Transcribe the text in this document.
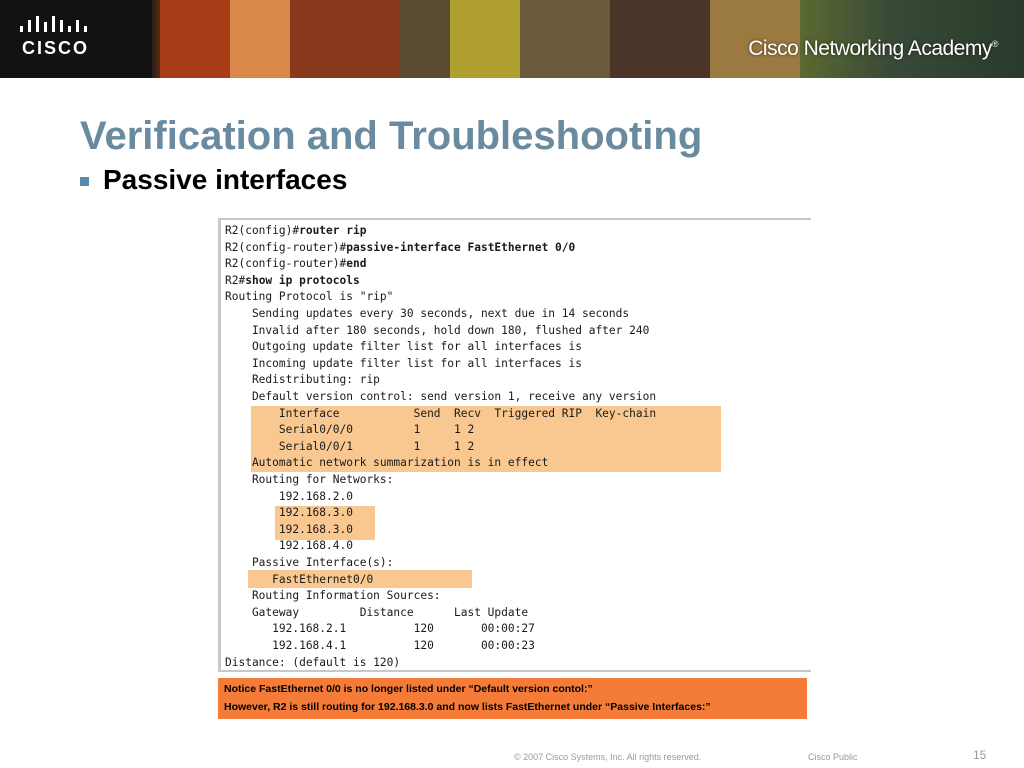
CISCO	Cisco Networking Academy®
Verification and Troubleshooting
Passive interfaces
R2(config)#router rip
R2(config-router)#passive-interface FastEthernet 0/0
R2(config-router)#end
R2#show ip protocols
Routing Protocol is "rip"
Sending updates every 30 seconds, next due in 14 seconds
Invalid after 180 seconds, hold down 180, flushed after 240
Outgoing update filter list for all interfaces is
Incoming update filter list for all interfaces is
Redistributing: rip
Default version control: send version 1, receive any version
Interface           Send  Recv  Triggered RIP  Key-chain
Serial0/0/0         1     1 2
Serial0/0/1         1     1 2
Automatic network summarization is in effect
Routing for Networks:
192.168.2.0
192.168.3.0
192.168.3.0
192.168.4.0
Passive Interface(s):
FastEthernet0/0
Routing Information Sources:
Gateway         Distance      Last Update
192.168.2.1          120       00:00:27
192.168.4.1          120       00:00:23
Distance: (default is 120)
Notice FastEthernet 0/0 is no longer listed under “Default version contol:”
However, R2 is still routing for 192.168.3.0 and now lists FastEthernet under “Passive Interfaces:”
© 2007 Cisco Systems, Inc. All rights reserved.	Cisco Public	15
